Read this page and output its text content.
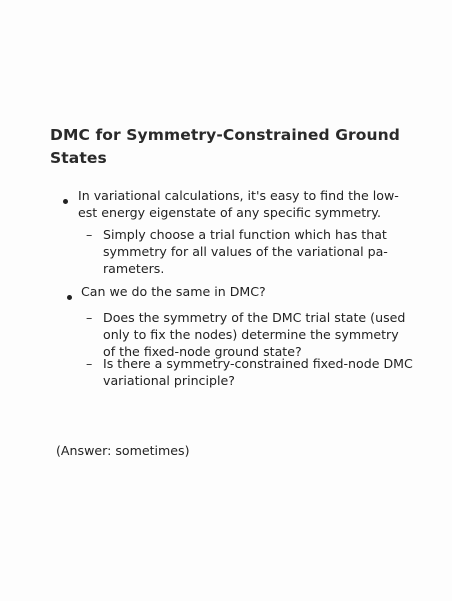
DMC for Symmetry-Constrained Ground
States
In variational calculations, it's easy to find the low-
est energy eigenstate of any specific symmetry.
– Simply choose a trial function which has that
symmetry for all values of the variational pa-
rameters.
Can we do the same in DMC?
– Does the symmetry of the DMC trial state (used
only to fix the nodes) determine the symmetry
of the fixed-node ground state?
– Is there a symmetry-constrained fixed-node DMC
variational principle?
(Answer: sometimes)
